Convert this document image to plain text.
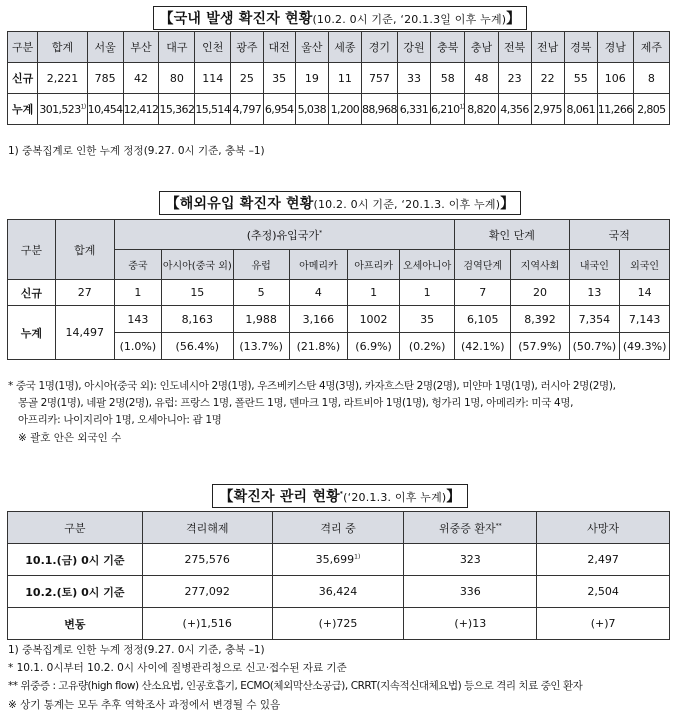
【국내 발생 확진자 현황(10.2. 0시 기준, ‘20.1.3일 이후 누계)】
구분	합계	서울	부산	대구	인천	광주	대전	울산	세종	경기	강원	충북	충남	전북	전남	경북	경남	제주
신규	2,221	785	42	80	114	25	35	19	11	757	33	58	48	23	22	55	106	8
누계	301,523$^{1)}$	10,454	12,412	15,362	15,514	4,797	6,954	5,038	1,200	88,968	6,331	6,210$^{1)}$	8,820	4,356	2,975	8,061	11,266	2,805
1) 중복집계로 인한 누계 정정(9.27. 0시 기준, 충북 –1)
【해외유입 확진자 현황(10.2. 0시 기준, ‘20.1.3. 이후 누계)】
구분	합계	(추정)유입국가*						확인 단계		국적	
		중국	아시아(중국 외)	유럽	아메리카	아프리카	오세아니아	검역단계	지역사회	내국인	외국인
신규	27	1	15	5	4	1	1	7	20	13	14
누계	14,497	143	8,163	1,988	3,166	1002	35	6,105	8,392	7,354	7,143
		(1.0%)	(56.4%)	(13.7%)	(21.8%)	(6.9%)	(0.2%)	(42.1%)	(57.9%)	(50.7%)	(49.3%)
* 중국 1명(1명), 아시아(중국 외): 인도네시아 2명(1명), 우즈베키스탄 4명(3명), 카자흐스탄 2명(2명), 미얀마 1명(1명), 러시아 2명(2명),
몽골 2명(1명), 네팔 2명(2명), 유럽: 프랑스 1명, 폴란드 1명, 덴마크 1명, 라트비아 1명(1명), 헝가리 1명, 아메리카: 미국 4명,
아프리카: 나이지리아 1명, 오세아니아: 괌 1명
※ 괄호 안은 외국인 수
【확진자 관리 현황*(‘20.1.3. 이후 누계)】
구분	격리해제	격리 중	위중증 환자**	사망자
10.1.(금) 0시 기준	275,576	35,699$^{1)}$	323	2,497
10.2.(토) 0시 기준	277,092	36,424	336	2,504
변동	(+)1,516	(+)725	(+)13	(+)7
1) 중복집계로 인한 누계 정정(9.27. 0시 기준, 충북 –1)
* 10.1. 0시부터 10.2. 0시 사이에 질병관리청으로 신고·접수된 자료 기준
** 위중증 : 고유량(high flow) 산소요법, 인공호흡기, ECMO(체외막산소공급), CRRT(지속적신대체요법) 등으로 격리 치료 중인 환자
※ 상기 통계는 모두 추후 역학조사 과정에서 변경될 수 있음
